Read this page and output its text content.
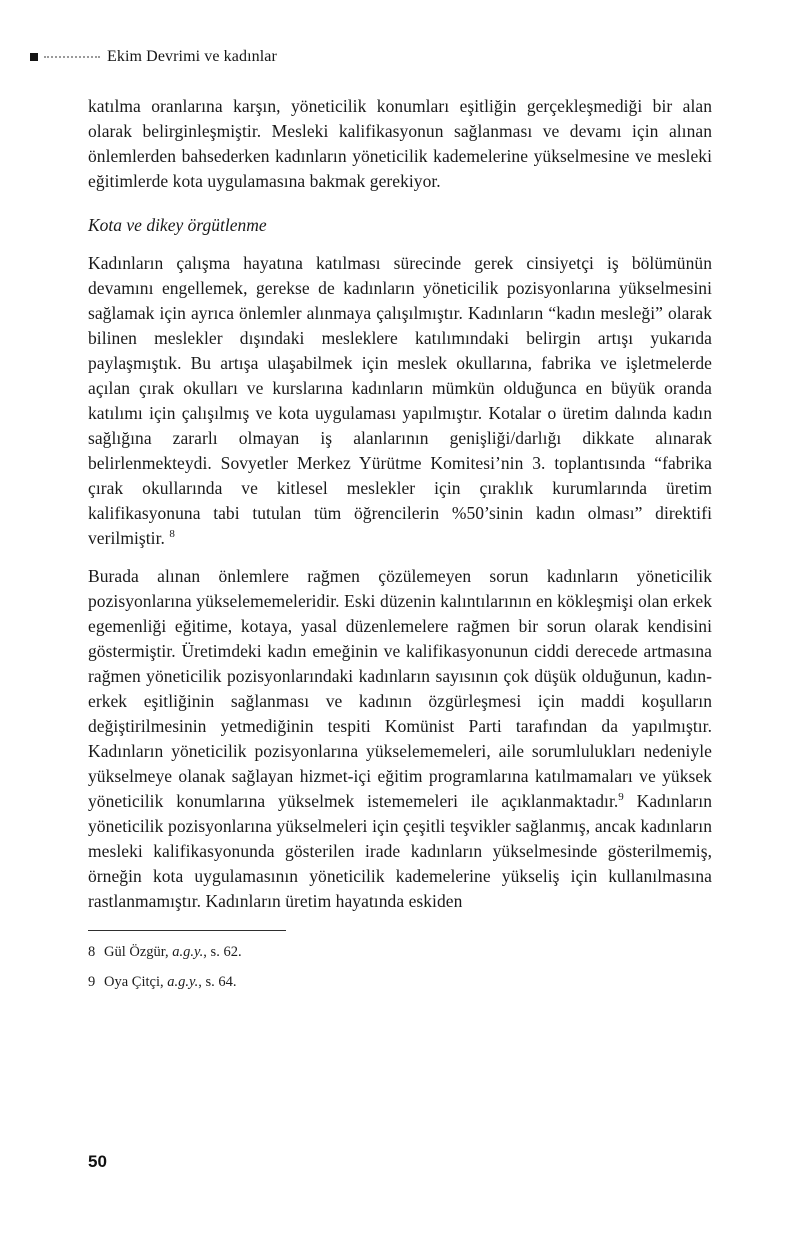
Ekim Devrimi ve kadınlar

katılma oranlarına karşın, yöneticilik konumları eşitliğin gerçekleşmediği bir alan olarak belirginleşmiştir. Mesleki kalifikasyonun sağlanması ve devamı için alınan önlemlerden bahsederken kadınların yöneticilik kademelerine yükselmesine ve mesleki eğitimlerde kota uygulamasına bakmak gerekiyor.

Kota ve dikey örgütlenme

Kadınların çalışma hayatına katılması sürecinde gerek cinsiyetçi iş bölümünün devamını engellemek, gerekse de kadınların yöneticilik pozisyonlarına yükselmesini sağlamak için ayrıca önlemler alınmaya çalışılmıştır. Kadınların “kadın mesleği” olarak bilinen meslekler dışındaki mesleklere katılımındaki belirgin artışı yukarıda paylaşmıştık. Bu artışa ulaşabilmek için meslek okullarına, fabrika ve işletmelerde açılan çırak okulları ve kurslarına kadınların mümkün olduğunca en büyük oranda katılımı için çalışılmış ve kota uygulaması yapılmıştır. Kotalar o üretim dalında kadın sağlığına zararlı olmayan iş alanlarının genişliği/darlığı dikkate alınarak belirlenmekteydi. Sovyetler Merkez Yürütme Komitesi’nin 3. toplantısında “fabrika çırak okullarında ve kitlesel meslekler için çıraklık kurumlarında üretim kalifikasyonuna tabi tutulan tüm öğrencilerin %50’sinin kadın olması” direktifi verilmiştir. $^8$

Burada alınan önlemlere rağmen çözülemeyen sorun kadınların yöneticilik pozisyonlarına yükselememeleridir. Eski düzenin kalıntılarının en kökleşmişi olan erkek egemenliği eğitime, kotaya, yasal düzenlemelere rağmen bir sorun olarak kendisini göstermiştir. Üretimdeki kadın emeğinin ve kalifikasyonunun ciddi derecede artmasına rağmen yöneticilik pozisyonlarındaki kadınların sayısının çok düşük olduğunun, kadın-erkek eşitliğinin sağlanması ve kadının özgürleşmesi için maddi koşulların değiştirilmesinin yetmediğinin tespiti Komünist Parti tarafından da yapılmıştır. Kadınların yöneticilik pozisyonlarına yükselememeleri, aile sorumlulukları nedeniyle yükselmeye olanak sağlayan hizmet-içi eğitim programlarına katılmamaları ve yüksek yöneticilik konumlarına yükselmek istememeleri ile açıklanmaktadır.$^9$ Kadınların yöneticilik pozisyonlarına yükselmeleri için çeşitli teşvikler sağlanmış, ancak kadınların mesleki kalifikasyonunda gösterilen irade kadınların yükselmesinde gösterilmemiş, örneğin kota uygulamasının yöneticilik kademelerine yükseliş için kullanılmasına rastlanmamıştır. Kadınların üretim hayatında eskiden

8 Gül Özgür, a.g.y., s. 62.
9 Oya Çitçi, a.g.y., s. 64.
50
